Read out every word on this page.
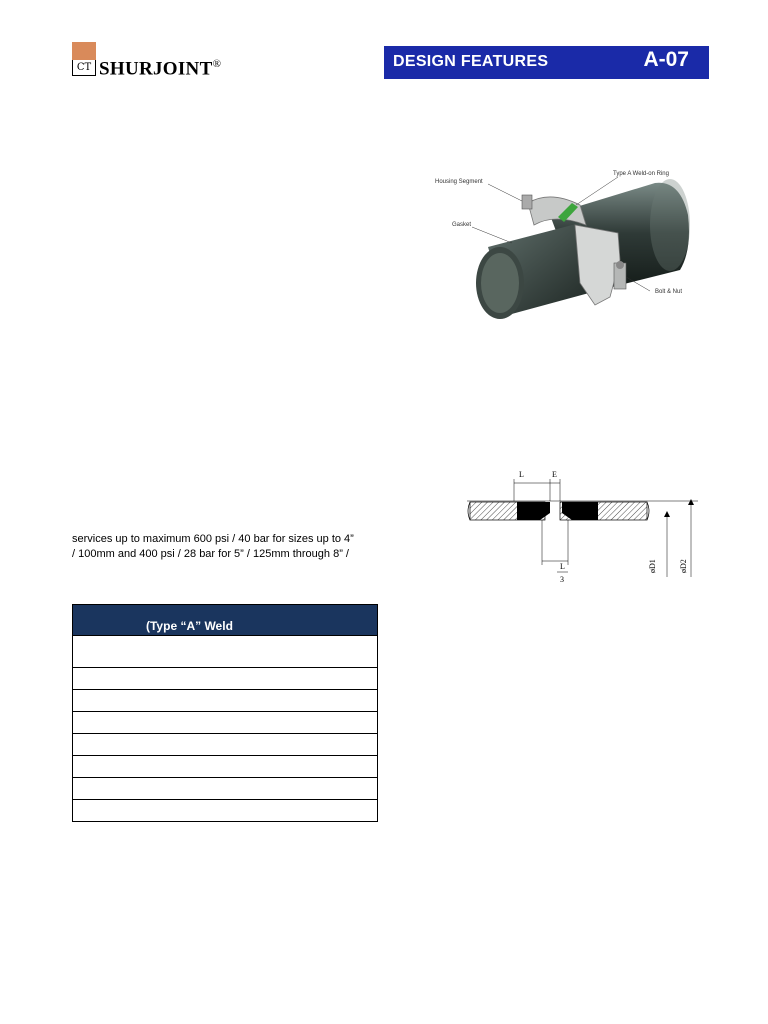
CT SHURJOINT®	DESIGN FEATURES	A-07
Housing Segment
Type A Weld-on Ring
Gasket
Bolt & Nut
L	E
L
3
øD1	øD2
services up to maximum 600 psi / 40 bar for sizes up to 4”
/ 100mm and 400 psi / 28 bar for 5” / 125mm through 8” /
(Type “A” Weld
